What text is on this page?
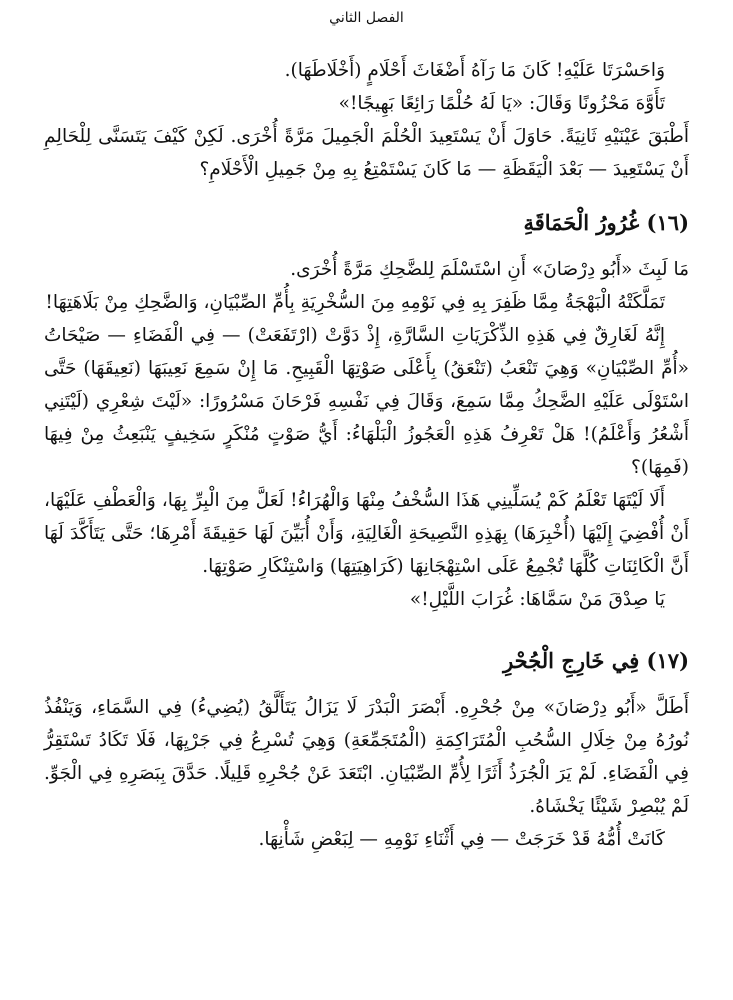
الفصل الثاني

وَاحَسْرَتَا عَلَيْهِ! كَانَ مَا رَآهُ أَضْغَاثَ أَحْلَامٍ (أَخْلَاطَهَا).

تَأَوَّهَ مَحْزُونًا وَقَالَ: «يَا لَهُ حُلْمًا رَائِعًا بَهِيجًا!»

أَطْبَقَ عَيْنَيْهِ ثَانِيَةً. حَاوَلَ أَنْ يَسْتَعِيدَ الْحُلْمَ الْجَمِيلَ مَرَّةً أُخْرَى. لَكِنْ كَيْفَ يَتَسَنَّى لِلْحَالِمِ أَنْ يَسْتَعِيدَ — بَعْدَ الْيَقَظَةِ — مَا كَانَ يَسْتَمْتِعُ بِهِ مِنْ جَمِيلِ الْأَحْلَامِ؟

(١٦) غُرُورُ الْحَمَاقَةِ

مَا لَبِثَ «أَبُو دِرْصَانَ» أَنِ اسْتَسْلَمَ لِلضَّحِكِ مَرَّةً أُخْرَى.

تَمَلَّكَتْهُ الْبَهْجَةُ مِمَّا ظَفِرَ بِهِ فِي نَوْمِهِ مِنَ السُّخْرِيَةِ بِأُمِّ الصِّبْيَانِ، وَالضَّحِكِ مِنْ بَلَاهَتِهَا!

إِنَّهُ لَغَارِقٌ فِي هَذِهِ الذِّكْرَيَاتِ السَّارَّةِ، إِذْ دَوَّتْ (ارْتَفَعَتْ) — فِي الْفَضَاءِ — صَيْحَاتُ «أُمِّ الصِّبْيَانِ» وَهِيَ تَنْعَبُ (تَنْعَقُ) بِأَعْلَى صَوْتِهَا الْقَبِيحِ. مَا إِنْ سَمِعَ نَعِيبَهَا (نَعِيقَهَا) حَتَّى اسْتَوْلَى عَلَيْهِ الضَّحِكُ مِمَّا سَمِعَ، وَقَالَ فِي نَفْسِهِ فَرْحَانَ مَسْرُورًا: «لَيْتَ شِعْرِي (لَيْتَنِي أَشْعُرُ وَأَعْلَمُ)! هَلْ تَعْرِفُ هَذِهِ الْعَجُوزُ الْبَلْهَاءُ: أَيُّ صَوْتٍ مُنْكَرٍ سَخِيفٍ يَنْبَعِثُ مِنْ فِيهَا (فَمِهَا)؟

أَلَا لَيْتَهَا تَعْلَمُ كَمْ يُسَلِّينِي هَذَا السُّخْفُ مِنْهَا وَالْهُرَاءُ! لَعَلَّ مِنَ الْبِرِّ بِهَا، وَالْعَطْفِ عَلَيْهَا، أَنْ أُفْضِيَ إِلَيْهَا (أُخْبِرَهَا) بِهَذِهِ النَّصِيحَةِ الْغَالِيَةِ، وَأَنْ أُبَيِّنَ لَهَا حَقِيقَةَ أَمْرِهَا؛ حَتَّى يَتَأَكَّدَ لَهَا أَنَّ الْكَائِنَاتِ كُلَّهَا تُجْمِعُ عَلَى اسْتِهْجَانِهَا (كَرَاهِيَتِهَا) وَاسْتِنْكَارِ صَوْتِهَا.

يَا صِدْقَ مَنْ سَمَّاهَا: غُرَابَ اللَّيْلِ!»

(١٧) فِي خَارِجِ الْجُحْرِ

أَطَلَّ «أَبُو دِرْصَانَ» مِنْ جُحْرِهِ. أَبْصَرَ الْبَدْرَ لَا يَزَالُ يَتَأَلَّقُ (يُضِيءُ) فِي السَّمَاءِ، وَيَنْفُذُ نُورُهُ مِنْ خِلَالِ السُّحُبِ الْمُتَرَاكِمَةِ (الْمُتَجَمِّعَةِ) وَهِيَ تُسْرِعُ فِي جَرْيِهَا، فَلَا تَكَادُ تَسْتَقِرُّ فِي الْفَضَاءِ. لَمْ يَرَ الْجُرَذُ أَثَرًا لِأُمِّ الصِّبْيَانِ. ابْتَعَدَ عَنْ جُحْرِهِ قَلِيلًا. حَدَّقَ بِبَصَرِهِ فِي الْجَوِّ. لَمْ يُبْصِرْ شَيْئًا يَخْشَاهُ.

كَانَتْ أُمُّهُ قَدْ خَرَجَتْ — فِي أَثْنَاءِ نَوْمِهِ — لِبَعْضِ شَأْنِهَا.
